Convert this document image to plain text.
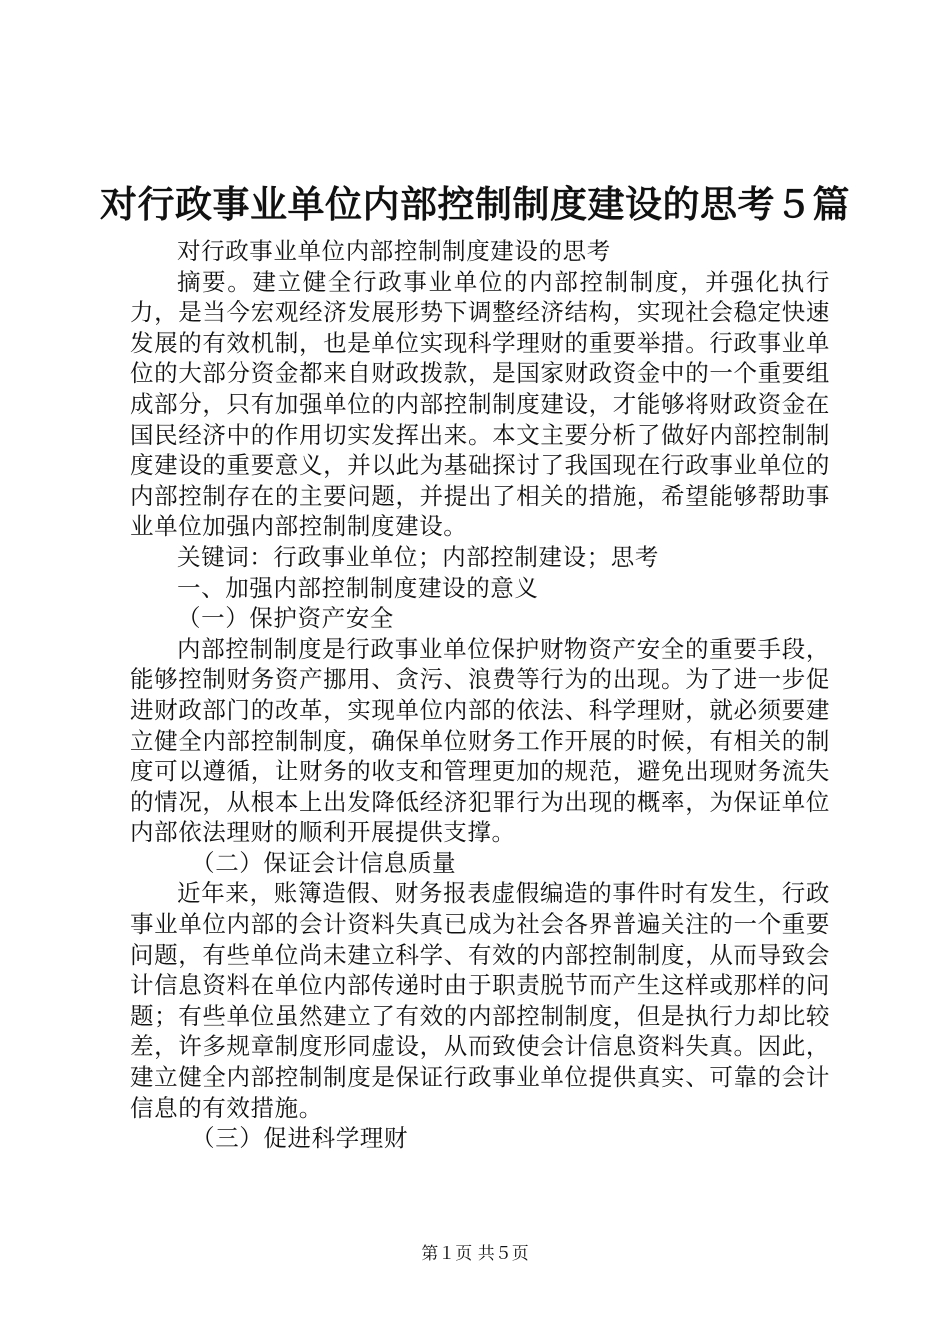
对行政事业单位内部控制制度建设的思考５篇

对行政事业单位内部控制制度建设的思考

摘要。建立健全行政事业单位的内部控制制度，并强化执行力，是当今宏观经济发展形势下调整经济结构，实现社会稳定快速发展的有效机制，也是单位实现科学理财的重要举措。行政事业单位的大部分资金都来自财政拨款，是国家财政资金中的一个重要组成部分，只有加强单位的内部控制制度建设，才能够将财政资金在国民经济中的作用切实发挥出来。本文主要分析了做好内部控制制度建设的重要意义，并以此为基础探讨了我国现在行政事业单位的内部控制存在的主要问题，并提出了相关的措施，希望能够帮助事业单位加强内部控制制度建设。

关键词：行政事业单位；内部控制建设；思考

一、加强内部控制制度建设的意义

（一）保护资产安全

内部控制制度是行政事业单位保护财物资产安全的重要手段，能够控制财务资产挪用、贪污、浪费等行为的出现。为了进一步促进财政部门的改革，实现单位内部的依法、科学理财，就必须要建立健全内部控制制度，确保单位财务工作开展的时候，有相关的制度可以遵循，让财务的收支和管理更加的规范，避免出现财务流失的情况，从根本上出发降低经济犯罪行为出现的概率，为保证单位内部依法理财的顺利开展提供支撑。

（二）保证会计信息质量

近年来，账簿造假、财务报表虚假编造的事件时有发生，行政事业单位内部的会计资料失真已成为社会各界普遍关注的一个重要问题，有些单位尚未建立科学、有效的内部控制制度，从而导致会计信息资料在单位内部传递时由于职责脱节而产生这样或那样的问题；有些单位虽然建立了有效的内部控制制度，但是执行力却比较差，许多规章制度形同虚设，从而致使会计信息资料失真。因此，建立健全内部控制制度是保证行政事业单位提供真实、可靠的会计信息的有效措施。

（三）促进科学理财

第１页 共５页
